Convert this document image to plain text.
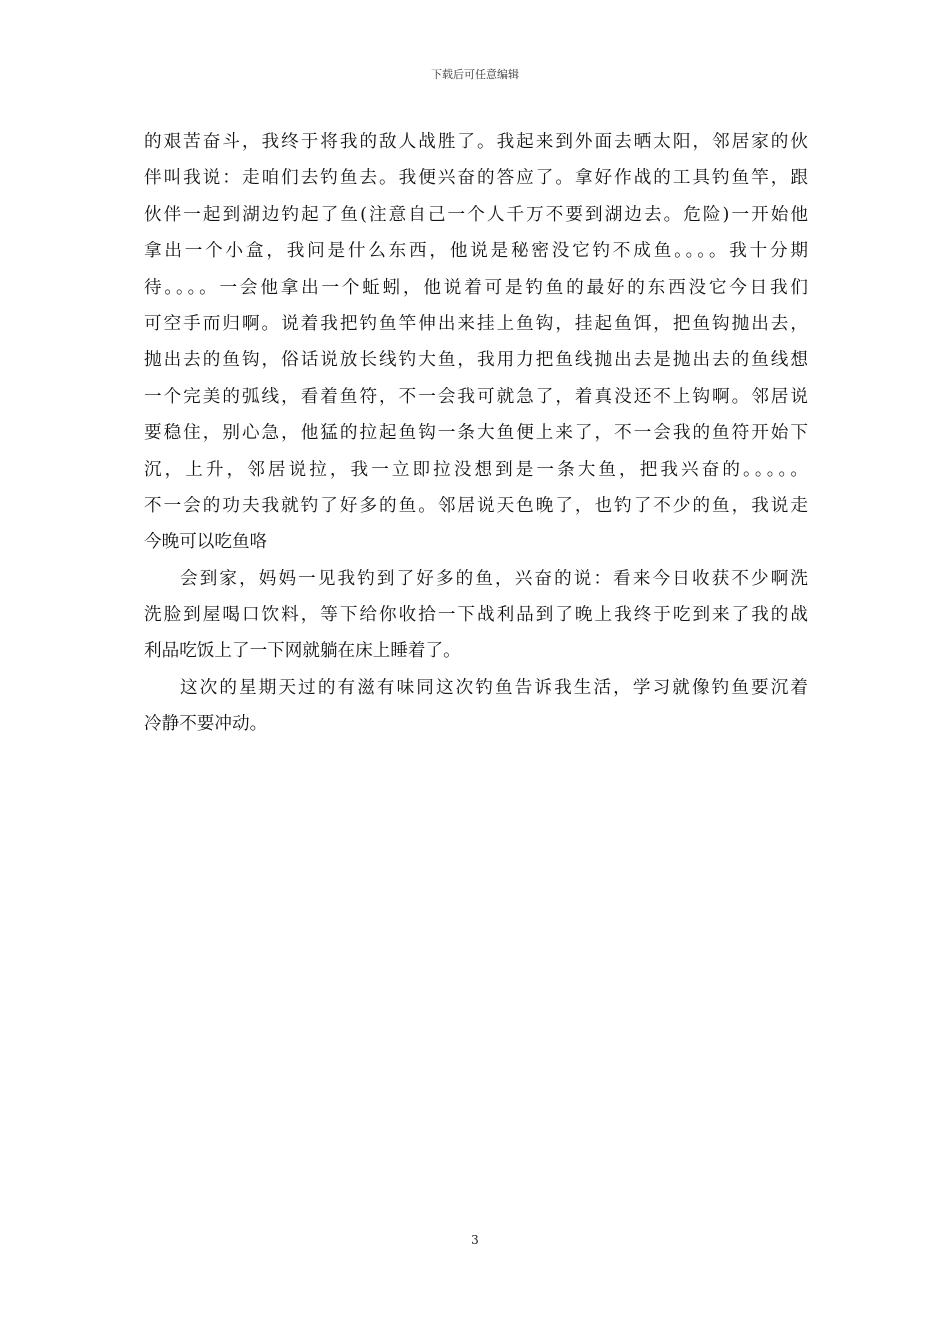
下载后可任意编辑
的艰苦奋斗，我终于将我的敌人战胜了。我起来到外面去晒太阳，邻居家的伙
伴叫我说：走咱们去钓鱼去。我便兴奋的答应了。拿好作战的工具钓鱼竿，跟
伙伴一起到湖边钓起了鱼(注意自己一个人千万不要到湖边去。危险)一开始他
拿出一个小盒，我问是什么东西，他说是秘密没它钓不成鱼。。。。我十分期
待。。。。一会他拿出一个蚯蚓，他说着可是钓鱼的最好的东西没它今日我们
可空手而归啊。说着我把钓鱼竿伸出来挂上鱼钩，挂起鱼饵，把鱼钩抛出去，
抛出去的鱼钩，俗话说放长线钓大鱼，我用力把鱼线抛出去是抛出去的鱼线想
一个完美的弧线，看着鱼符，不一会我可就急了，着真没还不上钩啊。邻居说
要稳住，别心急，他猛的拉起鱼钩一条大鱼便上来了，不一会我的鱼符开始下
沉，上升，邻居说拉，我一立即拉没想到是一条大鱼，把我兴奋的。。。。。
不一会的功夫我就钓了好多的鱼。邻居说天色晚了，也钓了不少的鱼，我说走
今晚可以吃鱼咯
会到家，妈妈一见我钓到了好多的鱼，兴奋的说：看来今日收获不少啊洗
洗脸到屋喝口饮料，等下给你收拾一下战利品到了晚上我终于吃到来了我的战
利品吃饭上了一下网就躺在床上睡着了。
这次的星期天过的有滋有味同这次钓鱼告诉我生活，学习就像钓鱼要沉着
冷静不要冲动。
3
